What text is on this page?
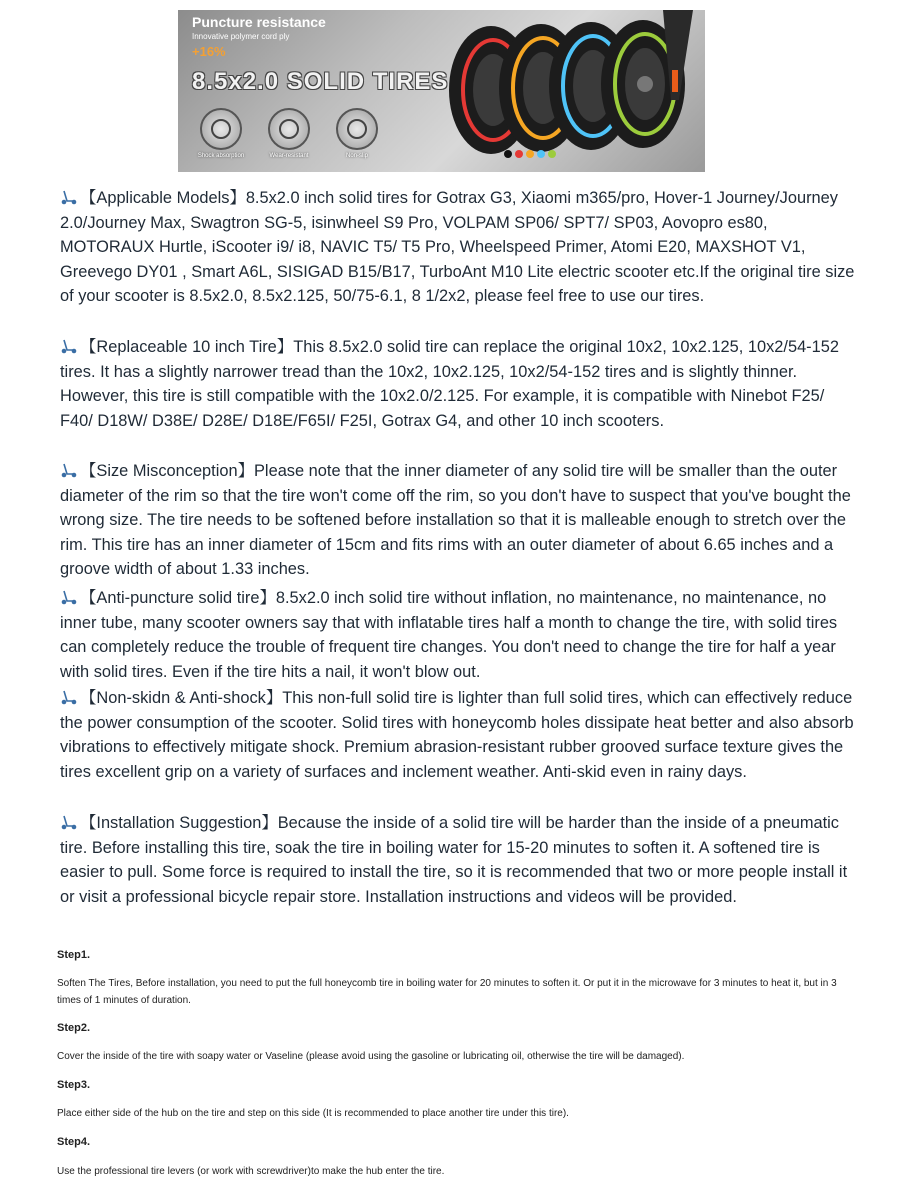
Puncture resistance
Innovative polymer cord ply
+16%
8.5x2.0 SOLID TIRES
Shock absorption	Wear-resistant	Non-slip
【Applicable Models】8.5x2.0 inch solid tires for Gotrax G3, Xiaomi m365/pro, Hover-1 Journey/Journey 2.0/Journey Max, Swagtron SG-5, isinwheel S9 Pro, VOLPAM SP06/ SPT7/ SP03, Aovopro es80, MOTORAUX Hurtle, iScooter i9/ i8, NAVIC T5/ T5 Pro, Wheelspeed Primer, Atomi E20, MAXSHOT V1, Greevego DY01 , Smart A6L, SISIGAD B15/B17, TurboAnt M10 Lite electric scooter etc.If the original tire size of your scooter is 8.5x2.0, 8.5x2.125, 50/75-6.1, 8 1/2x2, please feel free to use our tires.
【Replaceable 10 inch Tire】This 8.5x2.0 solid tire can replace the original 10x2, 10x2.125, 10x2/54-152 tires. It has a slightly narrower tread than the 10x2, 10x2.125, 10x2/54-152 tires and is slightly thinner. However, this tire is still compatible with the 10x2.0/2.125. For example, it is compatible with Ninebot F25/ F40/ D18W/ D38E/ D28E/ D18E/F65I/ F25I, Gotrax G4, and other 10 inch scooters.
【Size Misconception】Please note that the inner diameter of any solid tire will be smaller than the outer diameter of the rim so that the tire won't come off the rim, so you don't have to suspect that you've bought the wrong size. The tire needs to be softened before installation so that it is malleable enough to stretch over the rim. This tire has an inner diameter of 15cm and fits rims with an outer diameter of about 6.65 inches and a groove width of about 1.33 inches.
【Anti-puncture solid tire】8.5x2.0 inch solid tire without inflation, no maintenance, no maintenance, no inner tube, many scooter owners say that with inflatable tires half a month to change the tire, with solid tires can completely reduce the trouble of frequent tire changes. You don't need to change the tire for half a year with solid tires. Even if the tire hits a nail, it won't blow out.
【Non-skidn & Anti-shock】This non-full solid tire is lighter than full solid tires, which can effectively reduce the power consumption of the scooter. Solid tires with honeycomb holes dissipate heat better and also absorb vibrations to effectively mitigate shock. Premium abrasion-resistant rubber grooved surface texture gives the tires excellent grip on a variety of surfaces and inclement weather. Anti-skid even in rainy days.
【Installation Suggestion】Because the inside of a solid tire will be harder than the inside of a pneumatic tire. Before installing this tire, soak the tire in boiling water for 15-20 minutes to soften it. A softened tire is easier to pull. Some force is required to install the tire, so it is recommended that two or more people install it or visit a professional bicycle repair store. Installation instructions and videos will be provided.
Step1.
Soften The Tires, Before installation, you need to put the full honeycomb tire in boiling water for 20 minutes to soften it. Or put it in the microwave for 3 minutes to heat it, but in 3 times of 1 minutes of duration.
Step2.
Cover the inside of the tire with soapy water or Vaseline (please avoid using the gasoline or lubricating oil, otherwise the tire will be damaged).
Step3.
Place either side of the hub on the tire and step on this side (It is recommended to place another tire under this tire).
Step4.
Use the professional tire levers (or work with screwdriver)to make the hub enter the tire.
